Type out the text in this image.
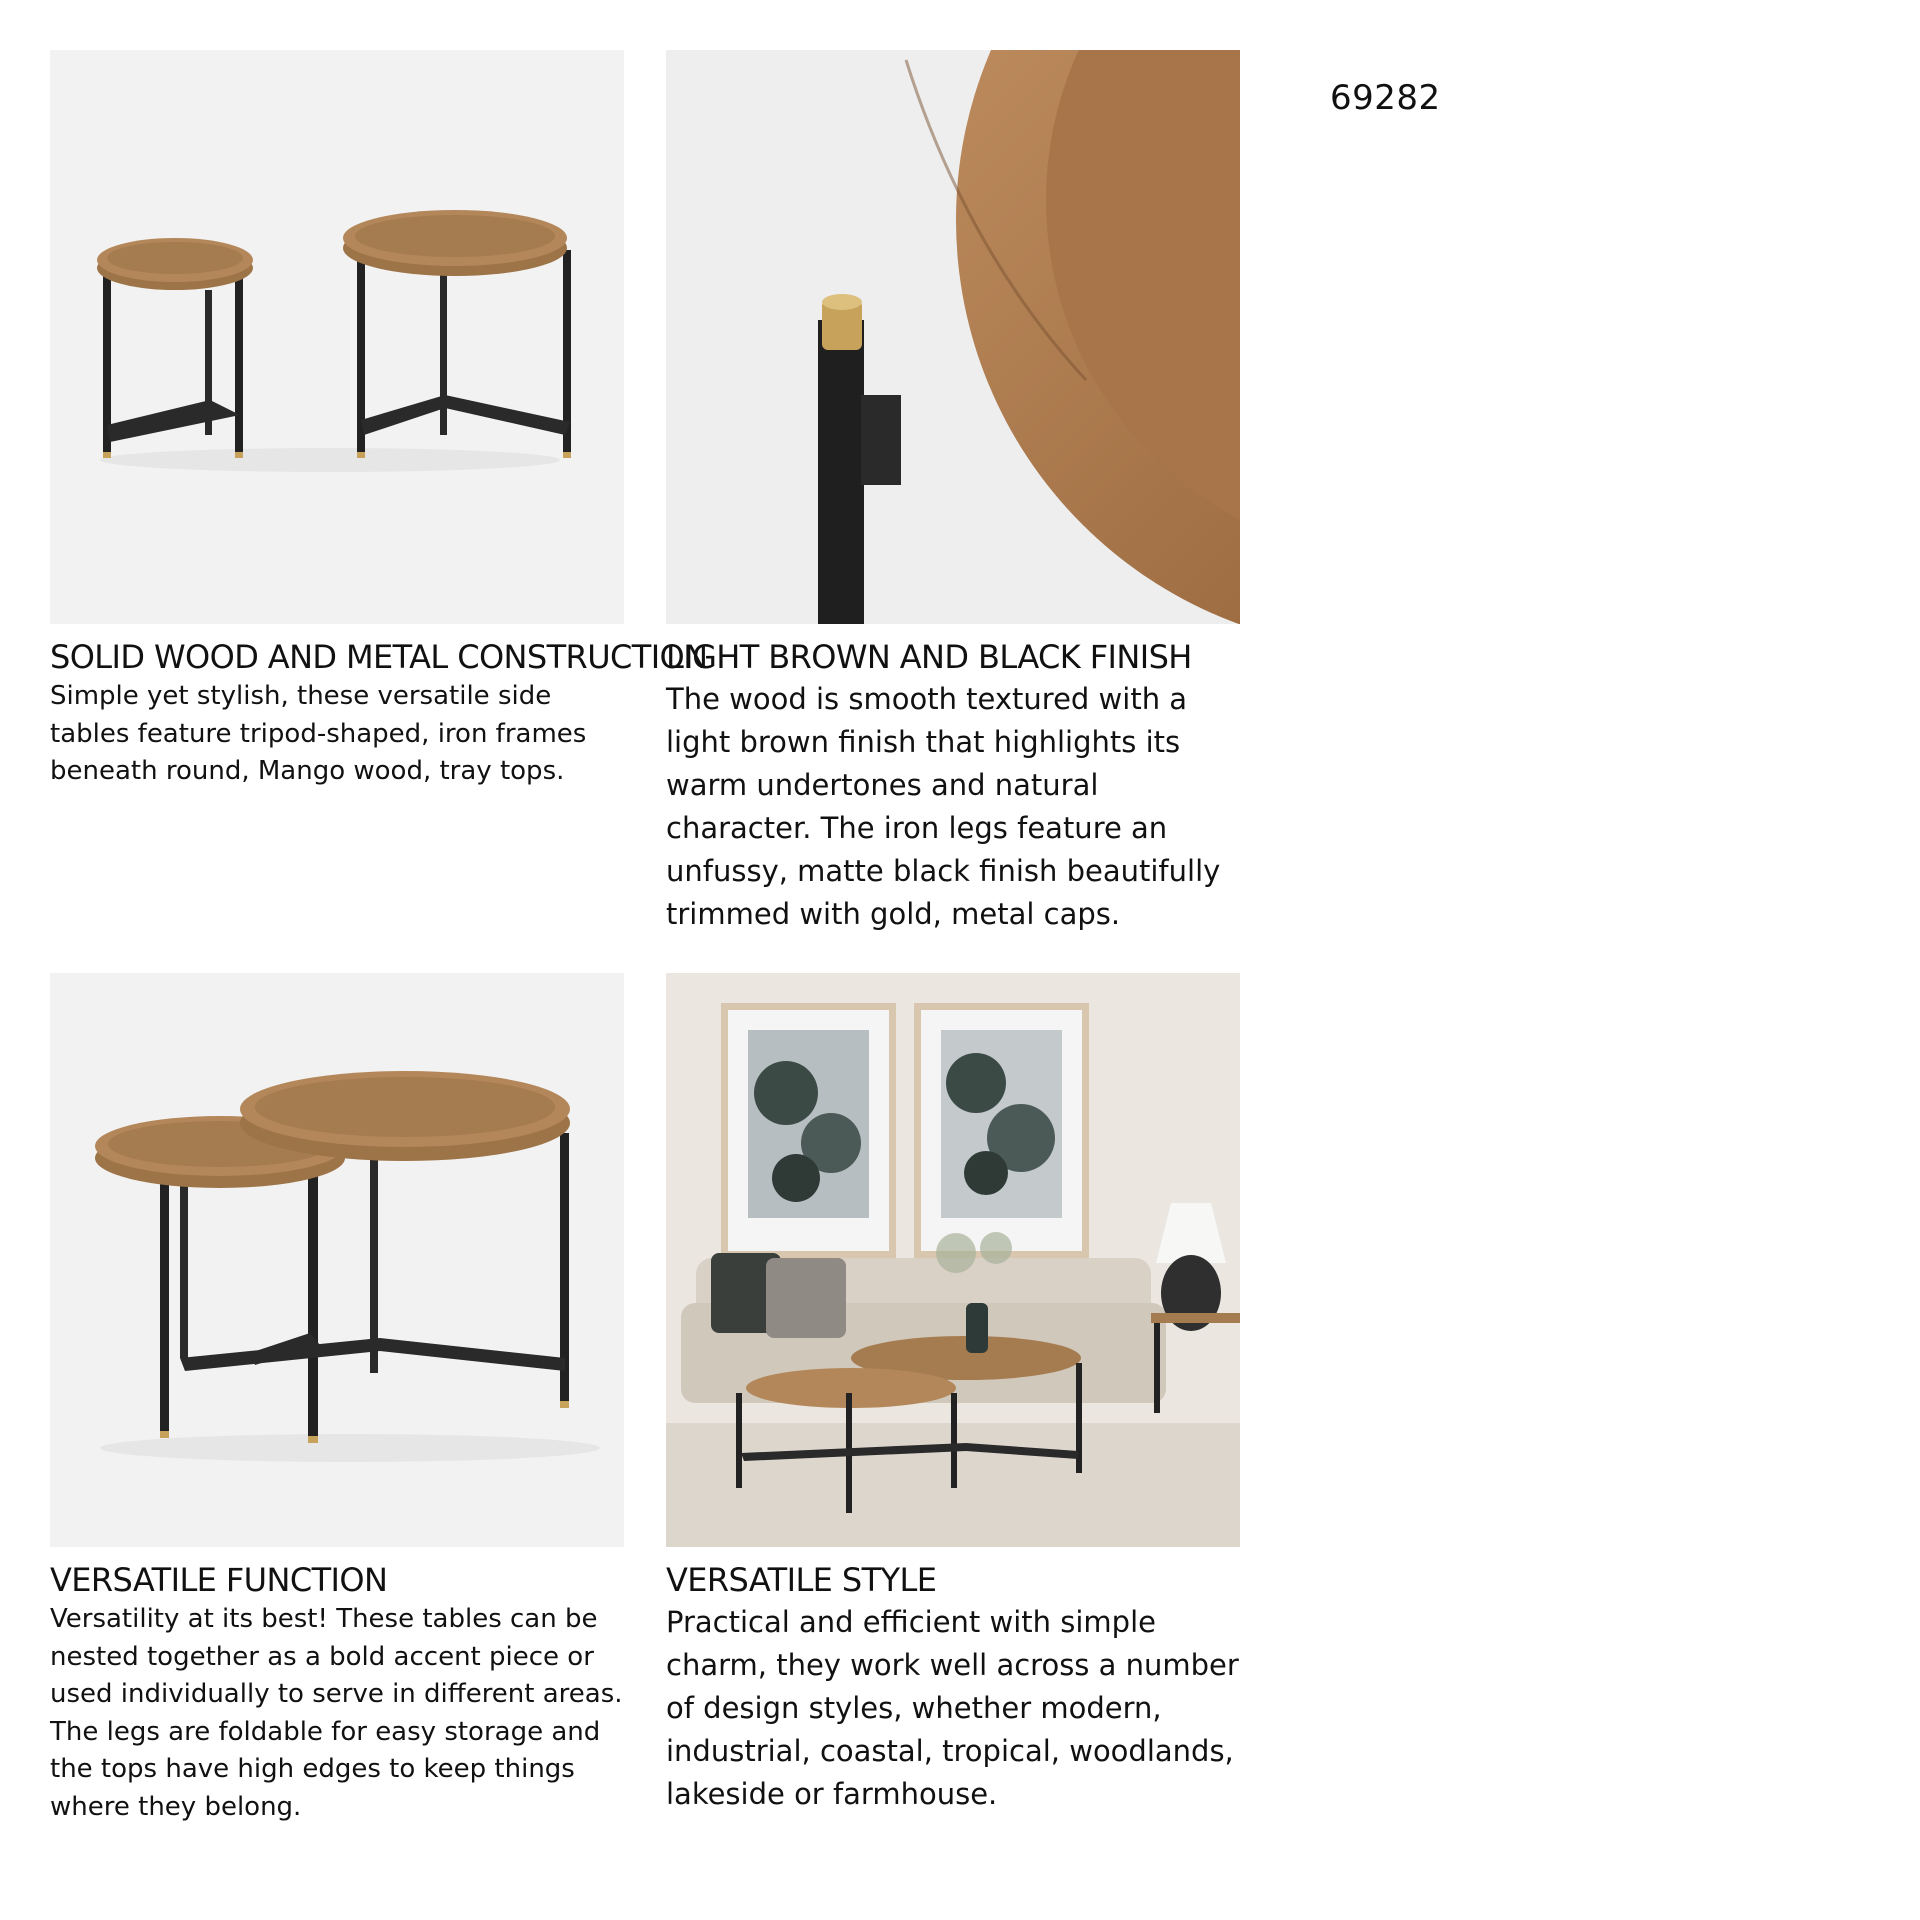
69282
SOLID WOOD AND METAL CONSTRUCTION

Simple yet stylish, these versatile side tables feature tripod-shaped, iron frames beneath round, Mango wood, tray tops.

LIGHT BROWN AND BLACK FINISH

The wood is smooth textured with a light brown finish that highlights its warm undertones and natural character. The iron legs feature an unfussy, matte black finish beautifully trimmed with gold, metal caps.

VERSATILE FUNCTION

Versatility at its best! These tables can be nested together as a bold accent piece or used individually to serve in different areas. The legs are foldable for easy storage and the tops have high edges to keep things where they belong.

VERSATILE STYLE

Practical and efficient with simple charm, they work well across a number of design styles, whether modern, industrial, coastal, tropical, woodlands, lakeside or farmhouse.
